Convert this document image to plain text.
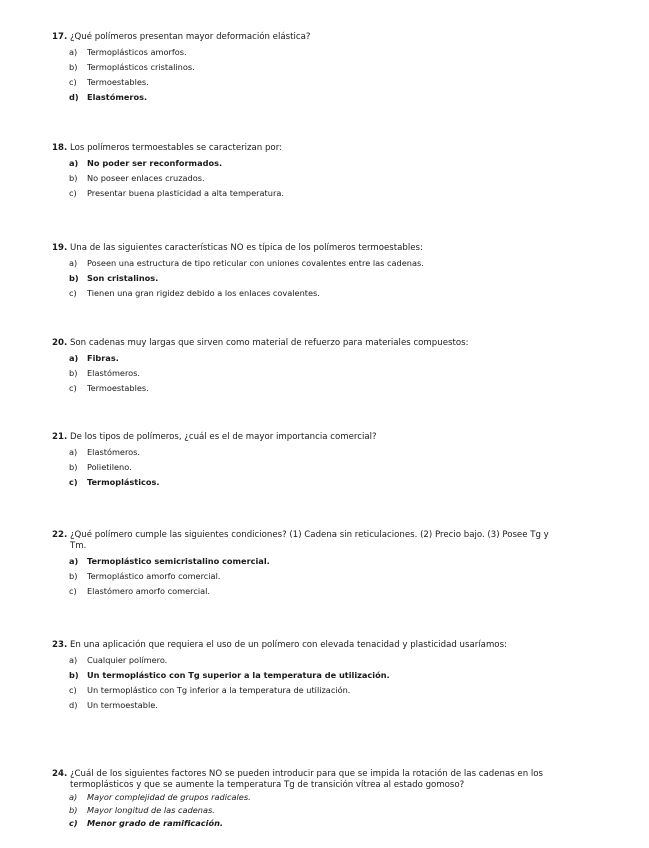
17. ¿Qué polímeros presentan mayor deformación elástica?

a) Termoplásticos amorfos.
b) Termoplásticos cristalinos.
c) Termoestables.
d) Elastómeros.

18. Los polímeros termoestables se caracterizan por:

a) No poder ser reconformados.
b) No poseer enlaces cruzados.
c) Presentar buena plasticidad a alta temperatura.

19. Una de las siguientes características NO es típica de los polímeros termoestables:

a) Poseen una estructura de tipo reticular con uniones covalentes entre las cadenas.
b) Son cristalinos.
c) Tienen una gran rigidez debido a los enlaces covalentes.

20. Son cadenas muy largas que sirven como material de refuerzo para materiales compuestos:

a) Fibras.
b) Elastómeros.
c) Termoestables.

21. De los tipos de polímeros, ¿cuál es el de mayor importancia comercial?

a) Elastómeros.
b) Polietileno.
c) Termoplásticos.

22. ¿Qué polímero cumple las siguientes condiciones? (1) Cadena sin reticulaciones. (2) Precio bajo. (3) Posee Tg y
Tm.

a) Termoplástico semicristalino comercial.
b) Termoplástico amorfo comercial.
c) Elastómero amorfo comercial.

23. En una aplicación que requiera el uso de un polímero con elevada tenacidad y plasticidad usaríamos:

a) Cualquier polímero.
b) Un termoplástico con Tg superior a la temperatura de utilización.
c) Un termoplástico con Tg inferior a la temperatura de utilización.
d) Un termoestable.

24. ¿Cuál de los siguientes factores NO se pueden introducir para que se impida la rotación de las cadenas en los
termoplásticos y que se aumente la temperatura Tg de transición vítrea al estado gomoso?

a) Mayor complejidad de grupos radicales.
b) Mayor longitud de las cadenas.
c) Menor grado de ramificación.
